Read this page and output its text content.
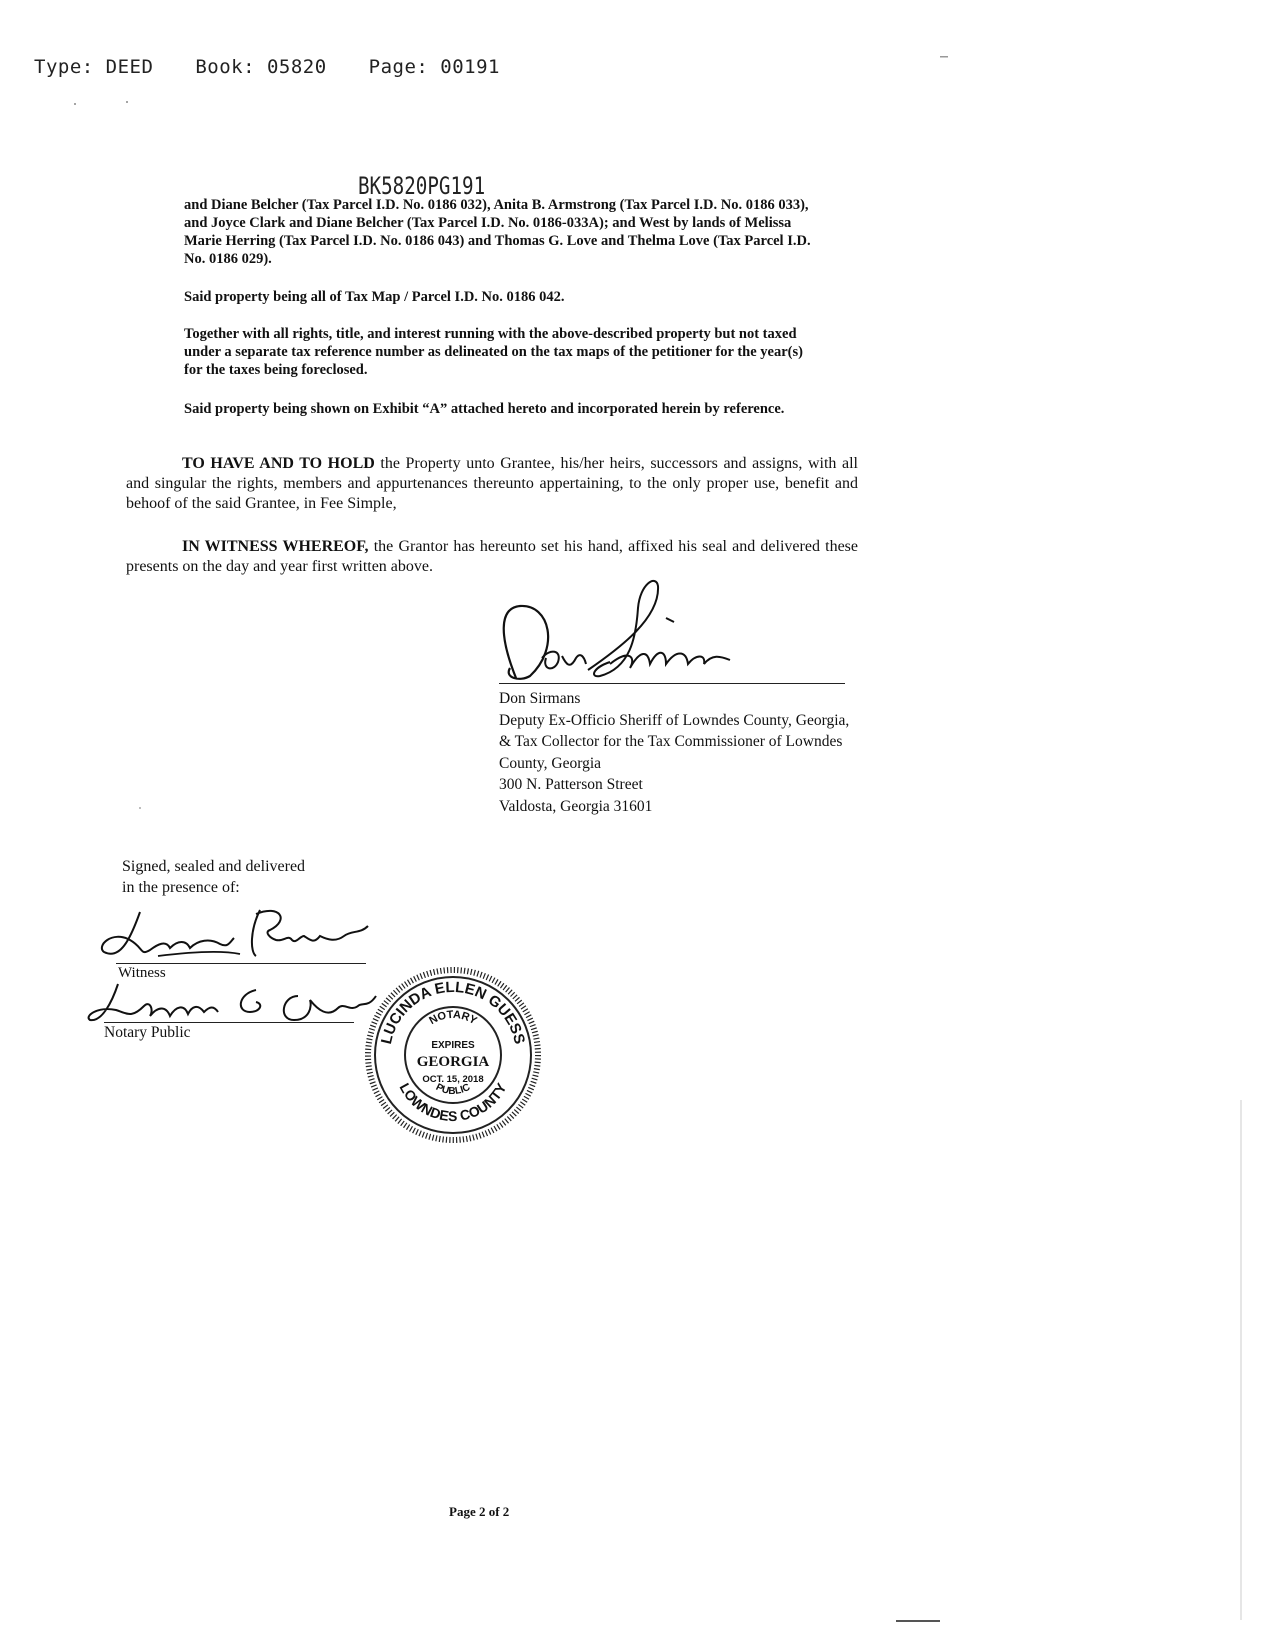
Type: DEED Book: 05820 Page: 00191
BK5820PG191
and Diane Belcher (Tax Parcel I.D. No. 0186 032), Anita B. Armstrong (Tax Parcel I.D. No. 0186 033), and Joyce Clark and Diane Belcher (Tax Parcel I.D. No. 0186-033A); and West by lands of Melissa Marie Herring (Tax Parcel I.D. No. 0186 043) and Thomas G. Love and Thelma Love (Tax Parcel I.D. No. 0186 029).
Said property being all of Tax Map / Parcel I.D. No. 0186 042.
Together with all rights, title, and interest running with the above-described property but not taxed under a separate tax reference number as delineated on the tax maps of the petitioner for the year(s) for the taxes being foreclosed.
Said property being shown on Exhibit “A” attached hereto and incorporated herein by reference.
TO HAVE AND TO HOLD the Property unto Grantee, his/her heirs, successors and assigns, with all and singular the rights, members and appurtenances thereunto appertaining, to the only proper use, benefit and behoof of the said Grantee, in Fee Simple,
IN WITNESS WHEREOF, the Grantor has hereunto set his hand, affixed his seal and delivered these presents on the day and year first written above.
Don Sirmans
Deputy Ex-Officio Sheriff of Lowndes County, Georgia,
& Tax Collector for the Tax Commissioner of Lowndes
County, Georgia
300 N. Patterson Street
Valdosta, Georgia 31601
Signed, sealed and delivered
in the presence of:
Witness
Notary Public	LUCINDA ELLEN GUESS
LOWNDES COUNTY
NOTARY
PUBLIC
EXPIRES
GEORGIA
OCT. 15, 2018
Page 2 of 2
